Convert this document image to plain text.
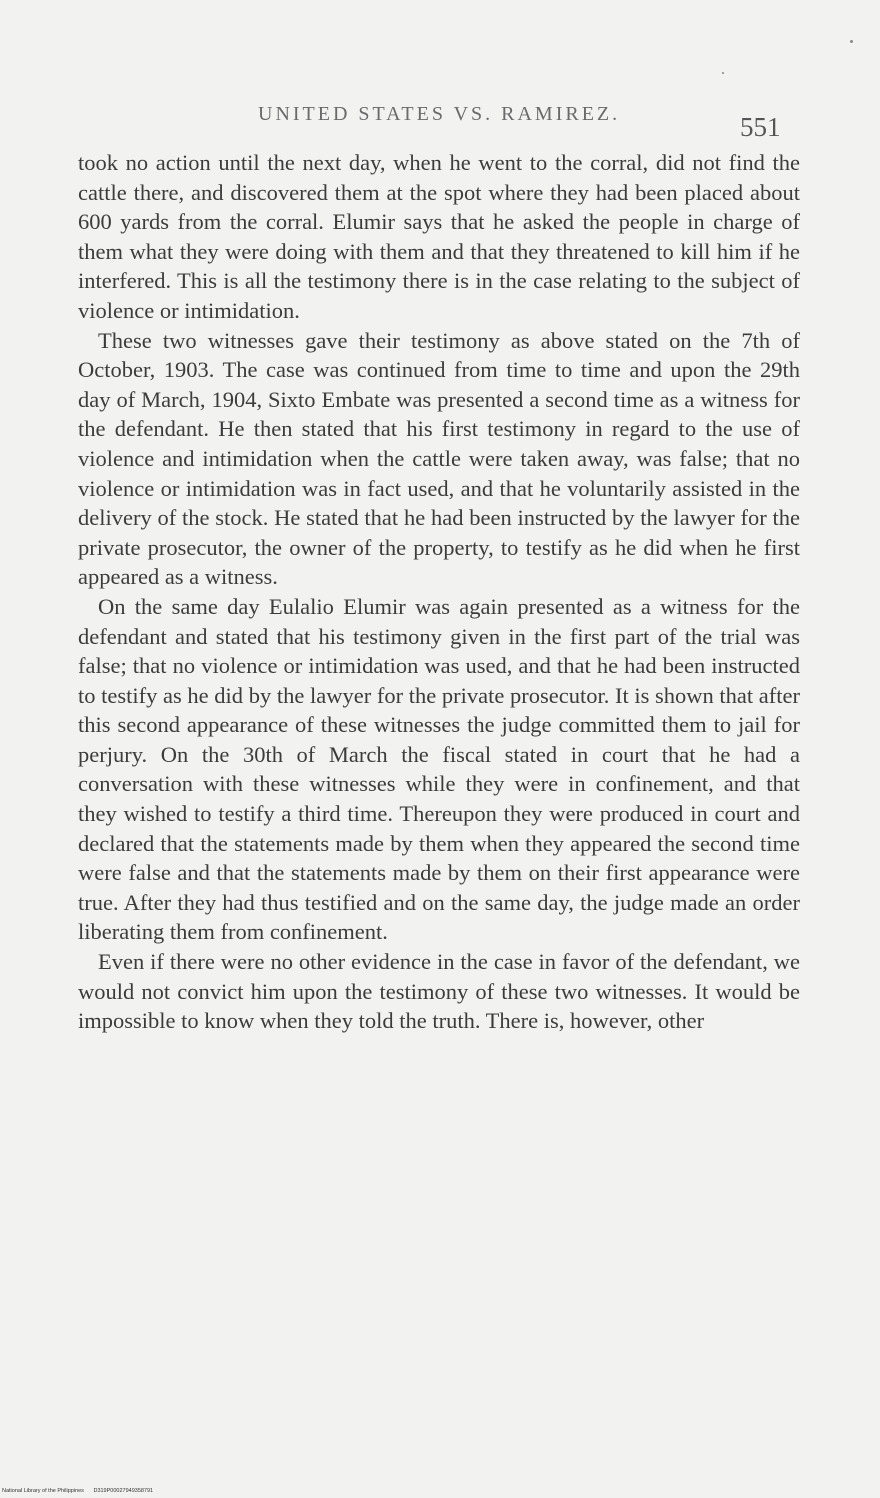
UNITED STATES VS. RAMIREZ.	551

took no action until the next day, when he went to the corral, did not find the cattle there, and discovered them at the spot where they had been placed about 600 yards from the corral. Elumir says that he asked the people in charge of them what they were doing with them and that they threatened to kill him if he interfered. This is all the testimony there is in the case relating to the subject of violence or intimidation.

These two witnesses gave their testimony as above stated on the 7th of October, 1903. The case was continued from time to time and upon the 29th day of March, 1904, Sixto Embate was presented a second time as a witness for the defendant. He then stated that his first testimony in regard to the use of violence and intimidation when the cattle were taken away, was false; that no violence or intimidation was in fact used, and that he voluntarily assisted in the delivery of the stock. He stated that he had been instructed by the lawyer for the private prosecutor, the owner of the property, to testify as he did when he first appeared as a witness.

On the same day Eulalio Elumir was again presented as a witness for the defendant and stated that his testimony given in the first part of the trial was false; that no violence or intimidation was used, and that he had been instructed to testify as he did by the lawyer for the private prosecutor. It is shown that after this second appearance of these witnesses the judge committed them to jail for perjury. On the 30th of March the fiscal stated in court that he had a conversation with these witnesses while they were in confinement, and that they wished to testify a third time. Thereupon they were produced in court and declared that the statements made by them when they appeared the second time were false and that the statements made by them on their first appearance were true. After they had thus testified and on the same day, the judge made an order liberating them from confinement.

Even if there were no other evidence in the case in favor of the defendant, we would not convict him upon the testimony of these two witnesses. It would be impossible to know when they told the truth. There is, however, other

National Library of the Philippines D319P00027949358791
